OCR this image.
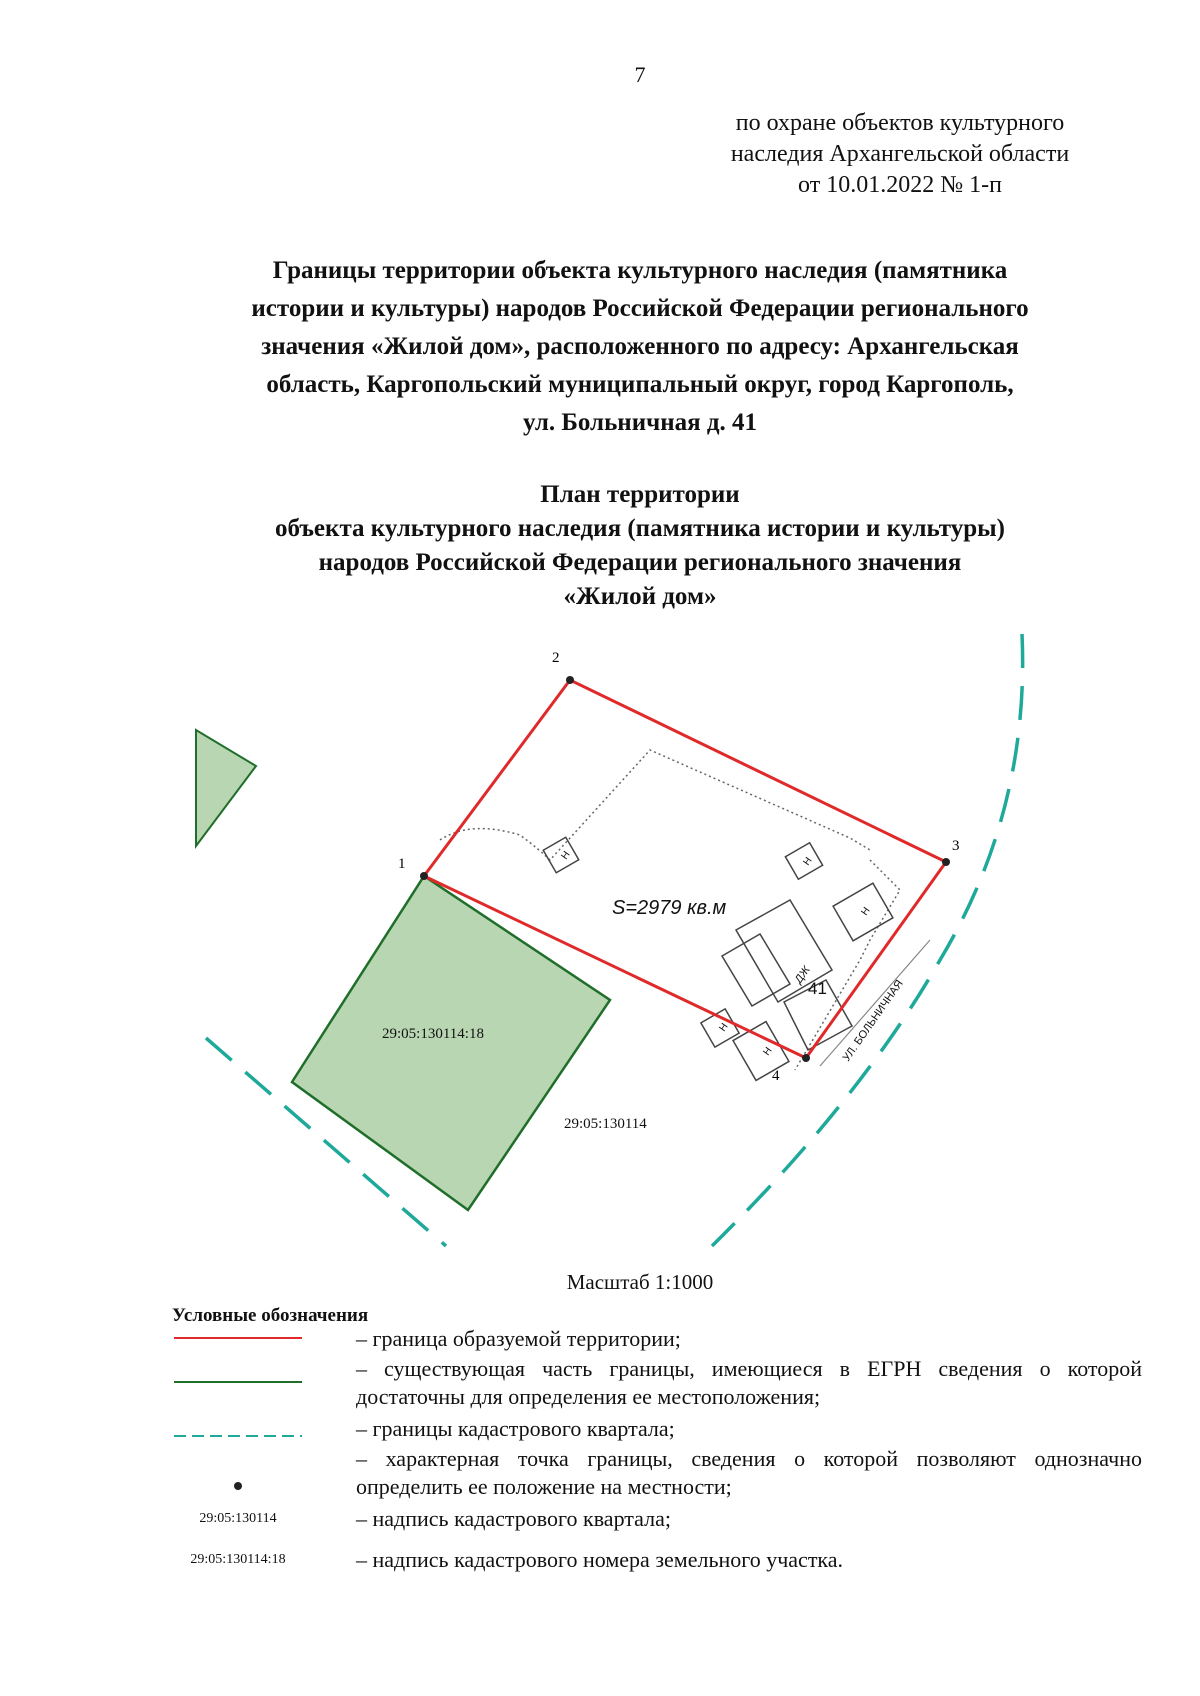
7
по охране объектов культурного
наследия Архангельской области
от 10.01.2022 № 1-п
Границы территории объекта культурного наследия (памятника
истории и культуры) народов Российской Федерации регионального
значения «Жилой дом», расположенного по адресу: Архангельская
область, Каргопольский муниципальный округ, город Каргополь,
ул. Больничная д. 41
План территории
объекта культурного наследия (памятника истории и культуры)
народов Российской Федерации регионального значения
«Жилой дом»
1
2
3
4
S=2979 кв.м
29:05:130114:18
29:05:130114
УЛ. БОЛЬНИЧНАЯ
41
ДЖ
Н	Н
Н
Н
Н
Масштаб 1:1000
Условные обозначения
29:05:130114
29:05:130114:18
– граница образуемой территории;
– существующая часть границы, имеющиеся в ЕГРН сведения о которой достаточны для определения ее местоположения;
– границы кадастрового квартала;
– характерная точка границы, сведения о которой позволяют однозначно определить ее положение на местности;
– надпись кадастрового квартала;
– надпись кадастрового номера земельного участка.
